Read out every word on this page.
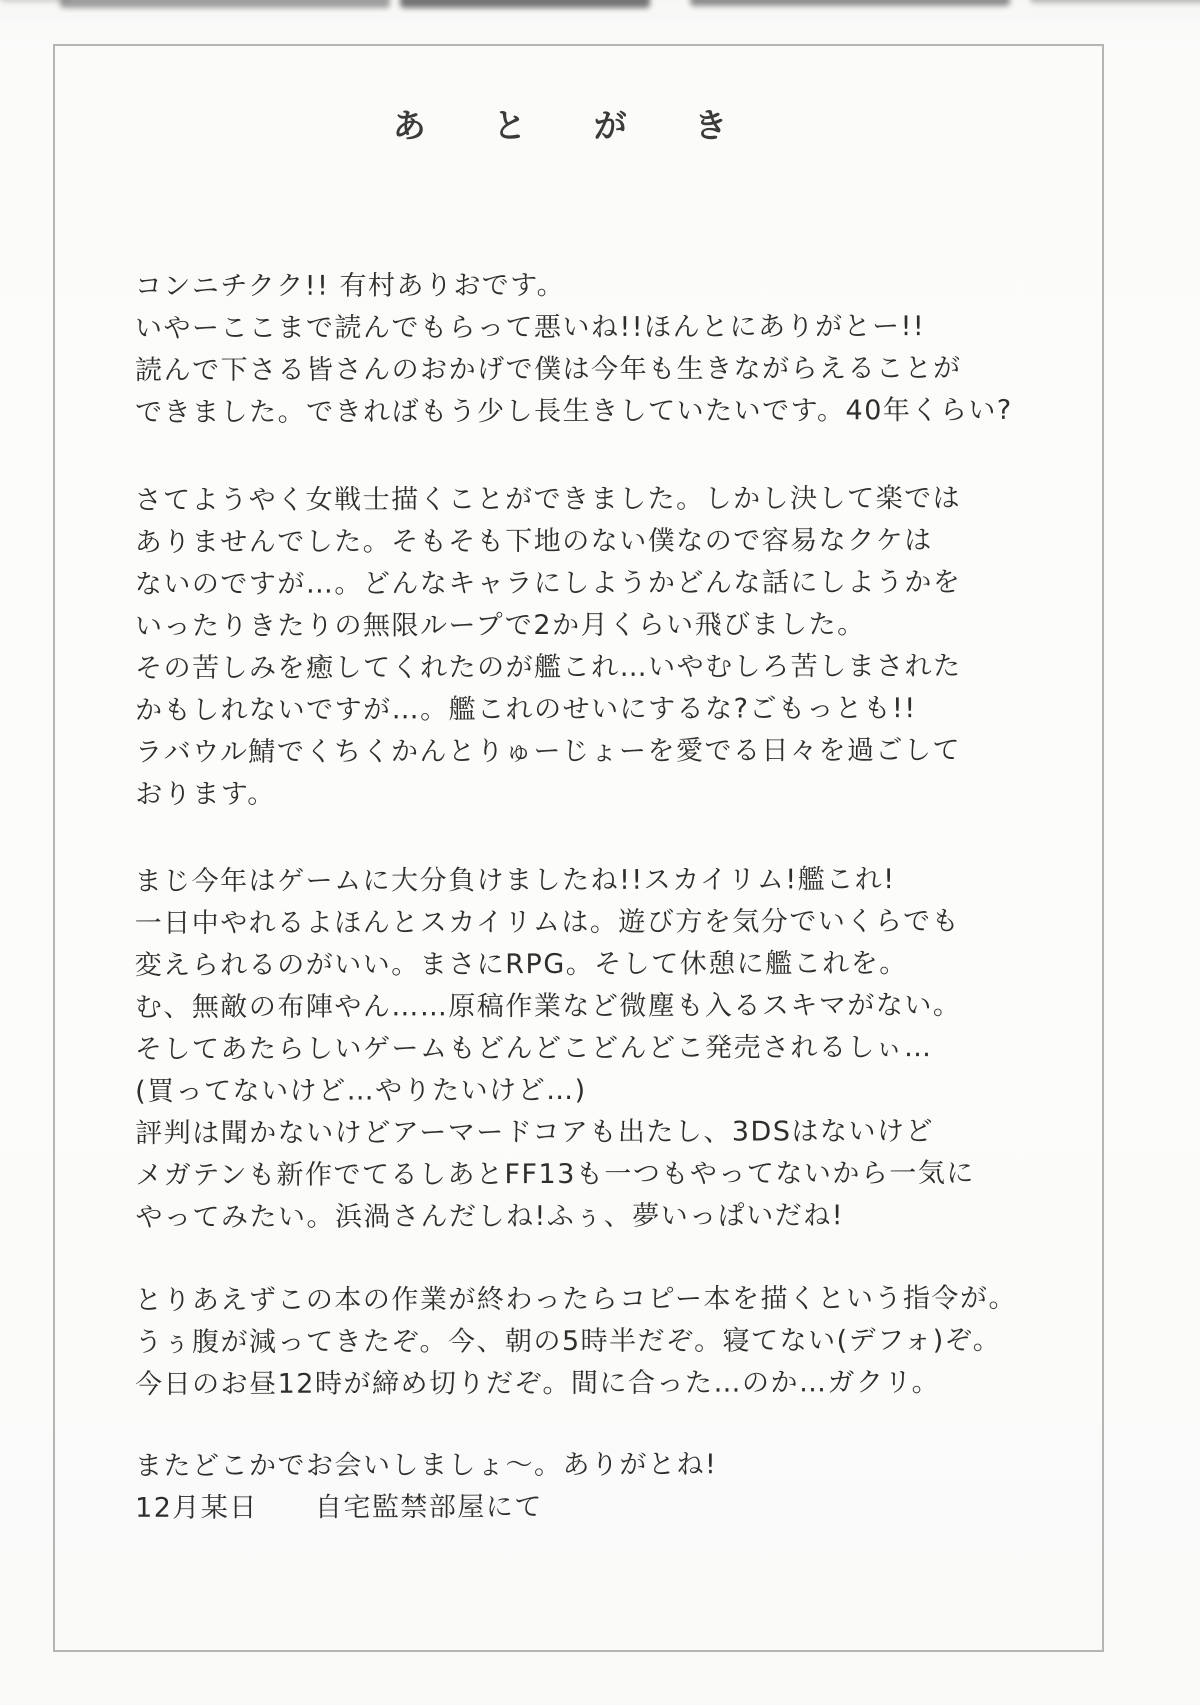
あ と が き
コンニチクク!! 有村ありおです。
いやーここまで読んでもらって悪いね!!ほんとにありがとー!!
読んで下さる皆さんのおかげで僕は今年も生きながらえることが
できました。できればもう少し長生きしていたいです。40年くらい?
さてようやく女戦士描くことができました。しかし決して楽では
ありませんでした。そもそも下地のない僕なので容易なクケは
ないのですが…。どんなキャラにしようかどんな話にしようかを
いったりきたりの無限ループで2か月くらい飛びました。
その苦しみを癒してくれたのが艦これ…いやむしろ苦しまされた
かもしれないですが…。艦これのせいにするな?ごもっとも!!
ラバウル鯖でくちくかんとりゅーじょーを愛でる日々を過ごして
おります。
まじ今年はゲームに大分負けましたね!!スカイリム!艦これ!
一日中やれるよほんとスカイリムは。遊び方を気分でいくらでも
変えられるのがいい。まさにRPG。そして休憩に艦これを。
む、無敵の布陣やん……原稿作業など微塵も入るスキマがない。
そしてあたらしいゲームもどんどこどんどこ発売されるしぃ…
(買ってないけど…やりたいけど…)
評判は聞かないけどアーマードコアも出たし、3DSはないけど
メガテンも新作でてるしあとFF13も一つもやってないから一気に
やってみたい。浜渦さんだしね!ふぅ、夢いっぱいだね!
とりあえずこの本の作業が終わったらコピー本を描くという指令が。
うぅ腹が減ってきたぞ。今、朝の5時半だぞ。寝てない(デフォ)ぞ。
今日のお昼12時が締め切りだぞ。間に合った…のか…ガクリ。
またどこかでお会いしましょ〜。ありがとね!
12月某日　　自宅監禁部屋にて
